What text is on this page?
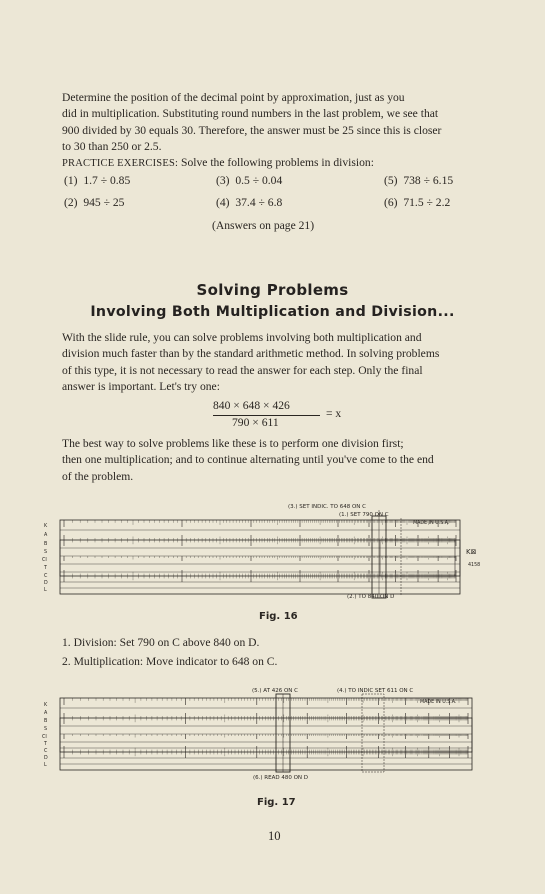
Determine the position of the decimal point by approximation, just as you

did in multiplication. Substituting round numbers in the last problem, we see that

900 divided by 30 equals 30. Therefore, the answer must be 25 since this is closer

to 30 than 250 or 2.5.

PRACTICE EXERCISES: Solve the following problems in division:
(1) 1.7 ÷ 0.85	(3) 0.5 ÷ 0.04	(5) 738 ÷ 6.15
(2) 945 ÷ 25	(4) 37.4 ÷ 6.8	(6) 71.5 ÷ 2.2
(Answers on page 21)
Solving Problems
Involving Both Multiplication and Division...

With the slide rule, you can solve problems involving both multiplication and

division much faster than by the standard arithmetic method. In solving problems

of this type, it is not necessary to read the answer for each step. Only the final

answer is important. Let's try one:

840 × 648 × 426
790 × 611
= x

The best way to solve problems like these is to perform one division first;

then one multiplication; and to continue alternating until you've come to the end

of the problem.

(3.) SET INDIC. TO 648 ON C
(1.) SET 790 ON C
(2.) TO 840 ON D
K
A
B
S
CI
T
C
D
L
MADE IN U.S.A.
4158
K⊠
Fig. 16
1. Division: Set 790 on C above 840 on D.
2. Multiplication: Move indicator to 648 on C.
(5.) AT 426 ON C	(4.) TO INDIC SET 611 ON C
(6.) READ 480 ON D
K
A
B
S
CI
T
C
D
L
MADE IN U.S.A.
Fig. 17
10
